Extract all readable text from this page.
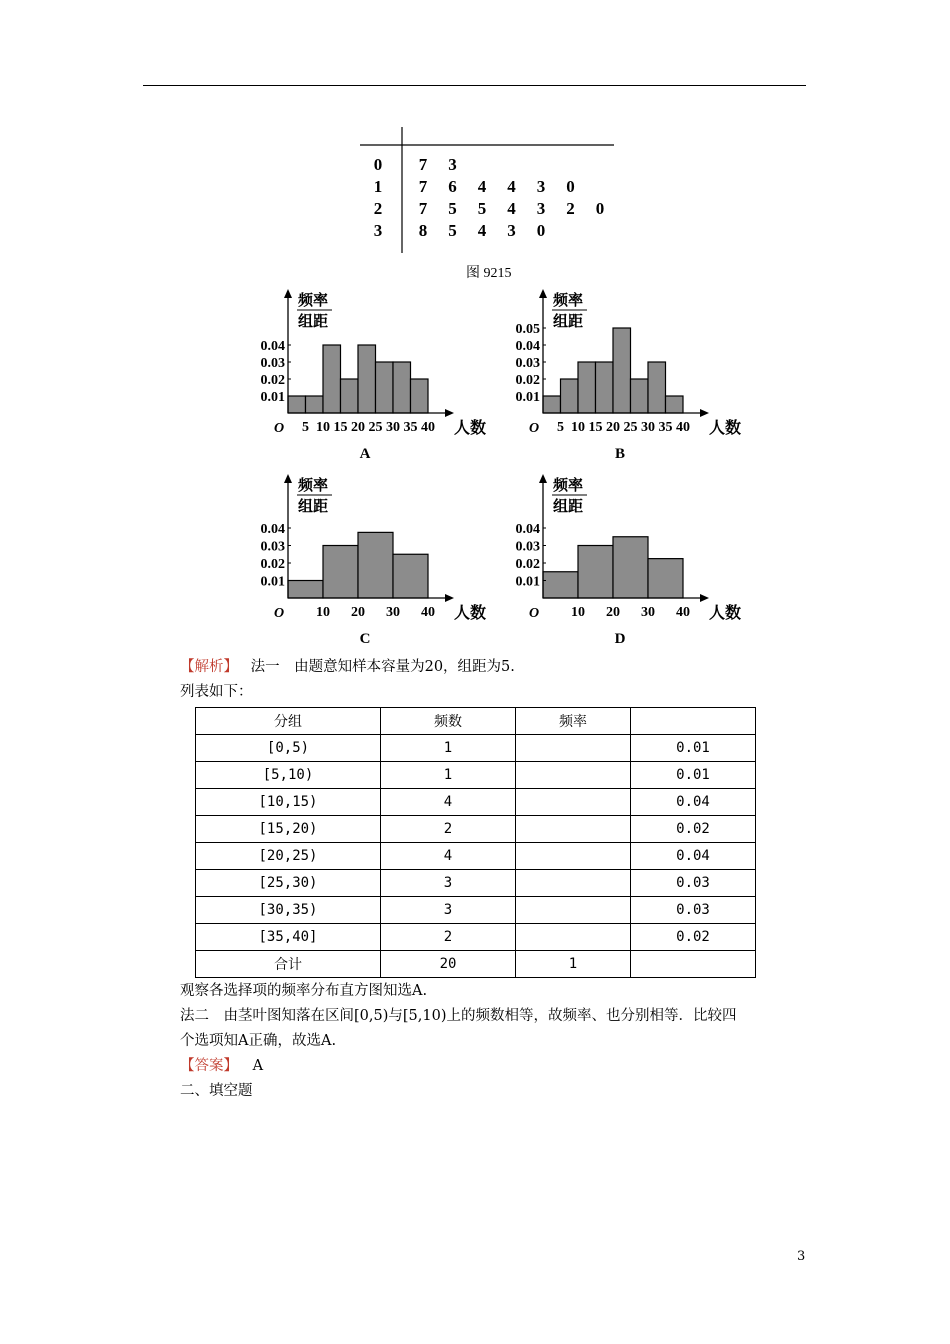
0 7 3
1 7 6 4 4 3 0
2 7 5 5 4 3 2 0
3 8 5 4 3 0
图 9215
频率
组距
0.01
0.02
0.03
0.04
5 10 15 20 25 30 35 40
O	人数
A
频率
组距
0.01
0.02
0.03
0.04
0.05
5 10 15 20 25 30 35 40
O	人数
B
频率
组距
0.01
0.02
0.03
0.04
10 20 30 40
O	人数
C
频率
组距
0.01
0.02
0.03
0.04
10 20 30 40
O	人数
D
【解析】 法一　由题意知样本容量为20，组距为5.
列表如下：
分组	频数	频率	
[0,5)	1		0.01
[5,10)	1		0.01
[10,15)	4		0.04
[15,20)	2		0.02
[20,25)	4		0.04
[25,30)	3		0.03
[30,35)	3		0.03
[35,40]	2		0.02
合计	20	1	
观察各选择项的频率分布直方图知选A.
法二　由茎叶图知落在区间[0,5)与[5,10)上的频数相等，故频率、也分别相等．比较四
个选项知A正确，故选A.
【答案】 A
二、填空题
3
